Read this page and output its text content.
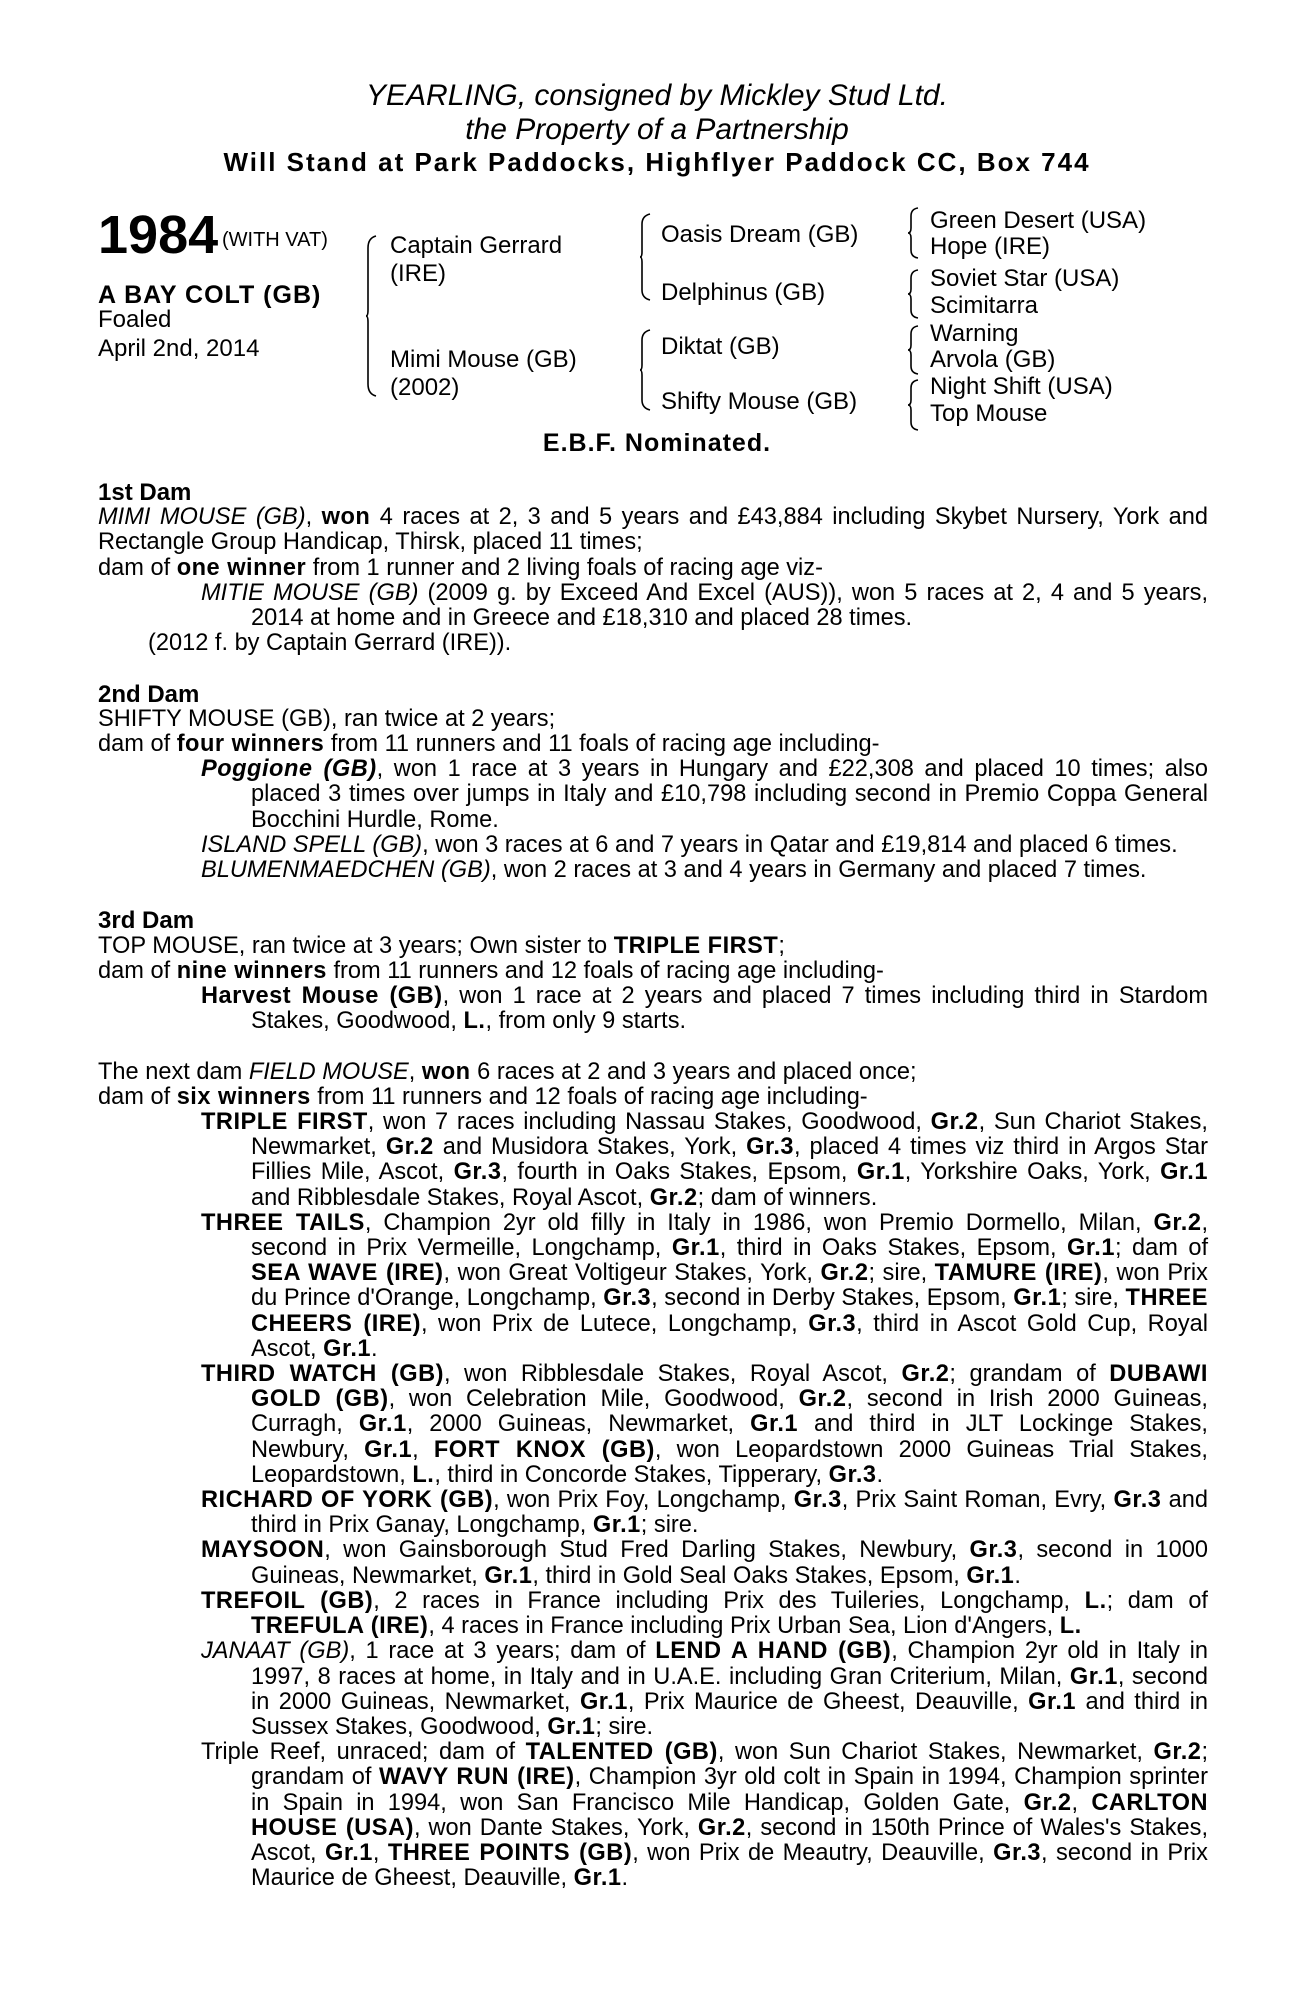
YEARLING, consigned by Mickley Stud Ltd.
the Property of a Partnership
Will Stand at Park Paddocks, Highflyer Paddock CC, Box 744
1984 (WITH VAT)
A BAY COLT (GB)
Foaled
April 2nd, 2014
Captain Gerrard
(IRE)
Mimi Mouse (GB)
(2002)
Oasis Dream (GB)
Delphinus (GB)
Diktat (GB)
Shifty Mouse (GB)
Green Desert (USA)
Hope (IRE)
Soviet Star (USA)
Scimitarra
Warning
Arvola (GB)
Night Shift (USA)
Top Mouse
E.B.F. Nominated.

1st Dam

MIMI MOUSE (GB), won 4 races at 2, 3 and 5 years and £43,884 including Skybet Nursery, York and Rectangle Group Handicap, Thirsk, placed 11 times;

dam of one winner from 1 runner and 2 living foals of racing age viz-

MITIE MOUSE (GB) (2009 g. by Exceed And Excel (AUS)), won 5 races at 2, 4 and 5 years, 2014 at home and in Greece and £18,310 and placed 28 times.

(2012 f. by Captain Gerrard (IRE)).

2nd Dam

SHIFTY MOUSE (GB), ran twice at 2 years;

dam of four winners from 11 runners and 11 foals of racing age including-

Poggione (GB), won 1 race at 3 years in Hungary and £22,308 and placed 10 times; also placed 3 times over jumps in Italy and £10,798 including second in Premio Coppa General Bocchini Hurdle, Rome.

ISLAND SPELL (GB), won 3 races at 6 and 7 years in Qatar and £19,814 and placed 6 times.

BLUMENMAEDCHEN (GB), won 2 races at 3 and 4 years in Germany and placed 7 times.

3rd Dam

TOP MOUSE, ran twice at 3 years; Own sister to TRIPLE FIRST;

dam of nine winners from 11 runners and 12 foals of racing age including-

Harvest Mouse (GB), won 1 race at 2 years and placed 7 times including third in Stardom Stakes, Goodwood, L., from only 9 starts.

The next dam FIELD MOUSE, won 6 races at 2 and 3 years and placed once;

dam of six winners from 11 runners and 12 foals of racing age including-

TRIPLE FIRST, won 7 races including Nassau Stakes, Goodwood, Gr.2, Sun Chariot Stakes, Newmarket, Gr.2 and Musidora Stakes, York, Gr.3, placed 4 times viz third in Argos Star Fillies Mile, Ascot, Gr.3, fourth in Oaks Stakes, Epsom, Gr.1, Yorkshire Oaks, York, Gr.1 and Ribblesdale Stakes, Royal Ascot, Gr.2; dam of winners.

THREE TAILS, Champion 2yr old filly in Italy in 1986, won Premio Dormello, Milan, Gr.2, second in Prix Vermeille, Longchamp, Gr.1, third in Oaks Stakes, Epsom, Gr.1; dam of SEA WAVE (IRE), won Great Voltigeur Stakes, York, Gr.2; sire, TAMURE (IRE), won Prix du Prince d'Orange, Longchamp, Gr.3, second in Derby Stakes, Epsom, Gr.1; sire, THREE CHEERS (IRE), won Prix de Lutece, Longchamp, Gr.3, third in Ascot Gold Cup, Royal Ascot, Gr.1.

THIRD WATCH (GB), won Ribblesdale Stakes, Royal Ascot, Gr.2; grandam of DUBAWI GOLD (GB), won Celebration Mile, Goodwood, Gr.2, second in Irish 2000 Guineas, Curragh, Gr.1, 2000 Guineas, Newmarket, Gr.1 and third in JLT Lockinge Stakes, Newbury, Gr.1, FORT KNOX (GB), won Leopardstown 2000 Guineas Trial Stakes, Leopardstown, L., third in Concorde Stakes, Tipperary, Gr.3.

RICHARD OF YORK (GB), won Prix Foy, Longchamp, Gr.3, Prix Saint Roman, Evry, Gr.3 and third in Prix Ganay, Longchamp, Gr.1; sire.

MAYSOON, won Gainsborough Stud Fred Darling Stakes, Newbury, Gr.3, second in 1000 Guineas, Newmarket, Gr.1, third in Gold Seal Oaks Stakes, Epsom, Gr.1.

TREFOIL (GB), 2 races in France including Prix des Tuileries, Longchamp, L.; dam of TREFULA (IRE), 4 races in France including Prix Urban Sea, Lion d'Angers, L.

JANAAT (GB), 1 race at 3 years; dam of LEND A HAND (GB), Champion 2yr old in Italy in 1997, 8 races at home, in Italy and in U.A.E. including Gran Criterium, Milan, Gr.1, second in 2000 Guineas, Newmarket, Gr.1, Prix Maurice de Gheest, Deauville, Gr.1 and third in Sussex Stakes, Goodwood, Gr.1; sire.

Triple Reef, unraced; dam of TALENTED (GB), won Sun Chariot Stakes, Newmarket, Gr.2; grandam of WAVY RUN (IRE), Champion 3yr old colt in Spain in 1994, Champion sprinter in Spain in 1994, won San Francisco Mile Handicap, Golden Gate, Gr.2, CARLTON HOUSE (USA), won Dante Stakes, York, Gr.2, second in 150th Prince of Wales's Stakes, Ascot, Gr.1, THREE POINTS (GB), won Prix de Meautry, Deauville, Gr.3, second in Prix Maurice de Gheest, Deauville, Gr.1.
